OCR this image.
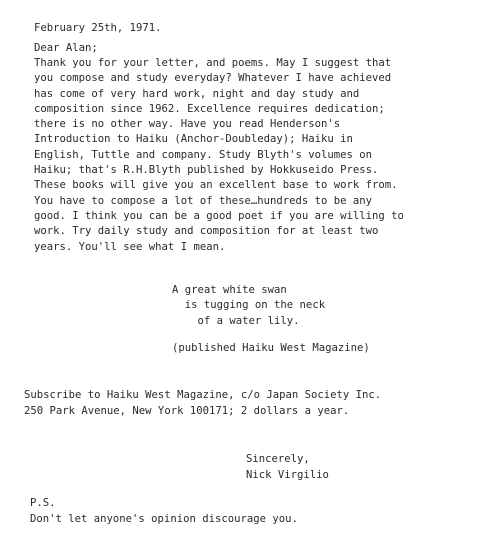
February 25th, 1971.
Dear Alan;
Thank you for your letter, and poems. May I suggest that
you compose and study everyday? Whatever I have achieved
has come of very hard work, night and day study and
composition since 1962. Excellence requires dedication;
there is no other way. Have you read Henderson's
Introduction to Haiku (Anchor-Doubleday); Haiku in
English, Tuttle and company. Study Blyth's volumes on
Haiku; that's R.H.Blyth published by Hokkuseido Press.
These books will give you an excellent base to work from.
You have to compose a lot of these…hundreds to be any
good. I think you can be a good poet if you are willing to
work. Try daily study and composition for at least two
years. You'll see what I mean.
A great white swan
is tugging on the neck
of a water lily.
(published Haiku West Magazine)
Subscribe to Haiku West Magazine, c/o Japan Society Inc.
250 Park Avenue, New York 100171; 2 dollars a year.
Sincerely,
Nick Virgilio
P.S.
Don't let anyone's opinion discourage you.
